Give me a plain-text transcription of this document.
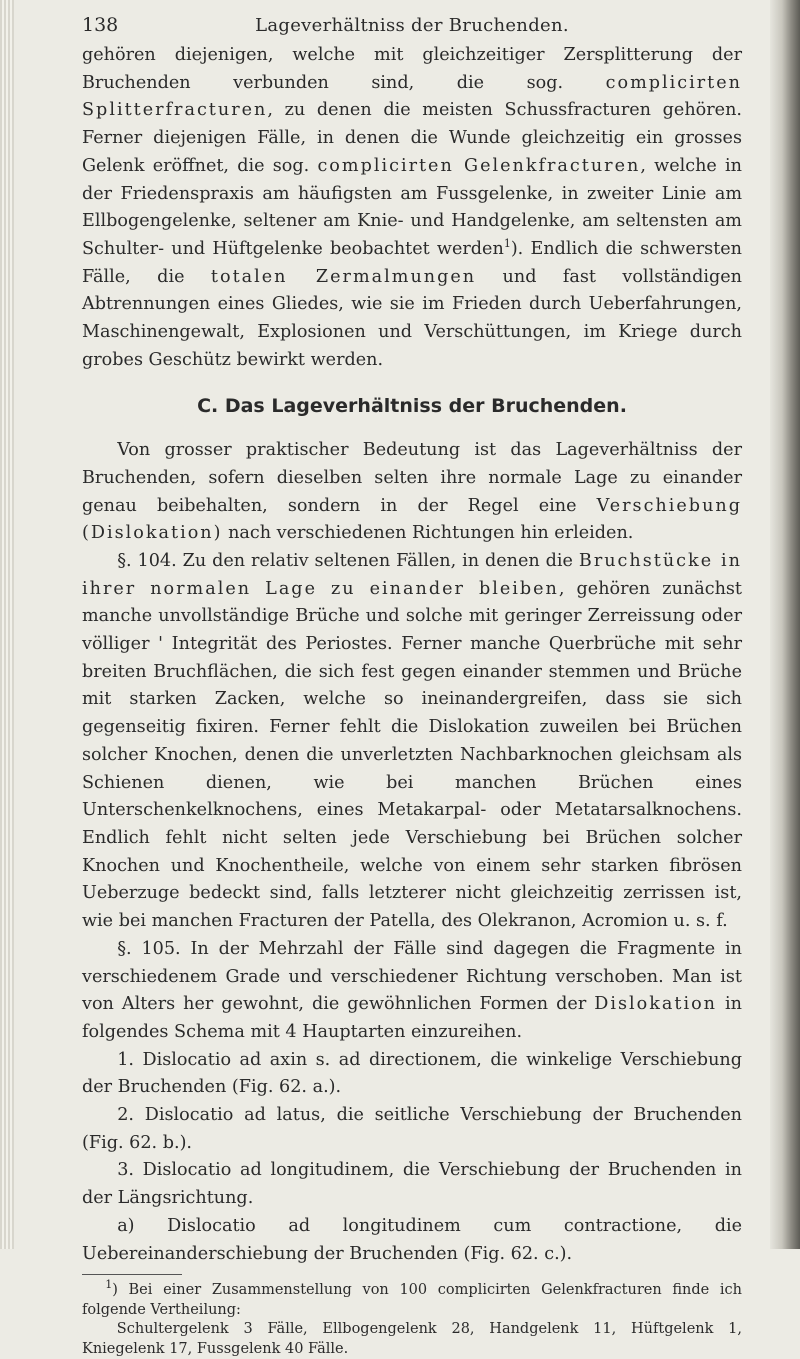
138	Lageverhältniss der Bruchenden.

gehören diejenigen, welche mit gleichzeitiger Zersplitterung der Bruchenden verbunden sind, die sog. complicirten Splitterfracturen, zu denen die meisten Schussfracturen gehören. Ferner diejenigen Fälle, in denen die Wunde gleichzeitig ein grosses Gelenk eröffnet, die sog. complicirten Gelenkfracturen, welche in der Friedenspraxis am häufigsten am Fussgelenke, in zweiter Linie am Ellbogengelenke, seltener am Knie- und Handgelenke, am seltensten am Schulter- und Hüftgelenke beobachtet werden$^1$). Endlich die schwersten Fälle, die totalen Zermalmungen und fast vollständigen Abtrennungen eines Gliedes, wie sie im Frieden durch Ueberfahrungen, Maschinengewalt, Explosionen und Verschüttungen, im Kriege durch grobes Geschütz bewirkt werden.

C. Das Lageverhältniss der Bruchenden.

Von grosser praktischer Bedeutung ist das Lageverhältniss der Bruchenden, sofern dieselben selten ihre normale Lage zu einander genau beibehalten, sondern in der Regel eine Verschiebung (Dislokation) nach verschiedenen Richtungen hin erleiden.

§. 104. Zu den relativ seltenen Fällen, in denen die Bruchstücke in ihrer normalen Lage zu einander bleiben, gehören zunächst manche unvollständige Brüche und solche mit geringer Zerreissung oder völliger ' Integrität des Periostes. Ferner manche Querbrüche mit sehr breiten Bruchflächen, die sich fest gegen einander stemmen und Brüche mit starken Zacken, welche so ineinandergreifen, dass sie sich gegenseitig fixiren. Ferner fehlt die Dislokation zuweilen bei Brüchen solcher Knochen, denen die unverletzten Nachbarknochen gleichsam als Schienen dienen, wie bei manchen Brüchen eines Unterschenkelknochens, eines Metakarpal- oder Metatarsalknochens. Endlich fehlt nicht selten jede Verschiebung bei Brüchen solcher Knochen und Knochentheile, welche von einem sehr starken fibrösen Ueberzuge bedeckt sind, falls letzterer nicht gleichzeitig zerrissen ist, wie bei manchen Fracturen der Patella, des Olekranon, Acromion u. s. f.

§. 105. In der Mehrzahl der Fälle sind dagegen die Fragmente in verschiedenem Grade und verschiedener Richtung verschoben. Man ist von Alters her gewohnt, die gewöhnlichen Formen der Dislokation in folgendes Schema mit 4 Hauptarten einzureihen.

1. Dislocatio ad axin s. ad directionem, die winkelige Verschiebung der Bruchenden (Fig. 62. a.).

2. Dislocatio ad latus, die seitliche Verschiebung der Bruchenden (Fig. 62. b.).

3. Dislocatio ad longitudinem, die Verschiebung der Bruchenden in der Längsrichtung.

a) Dislocatio ad longitudinem cum contractione, die Uebereinanderschiebung der Bruchenden (Fig. 62. c.).

$^1$) Bei einer Zusammenstellung von 100 complicirten Gelenkfracturen finde ich folgende Vertheilung:
Schultergelenk 3 Fälle, Ellbogengelenk 28, Handgelenk 11, Hüftgelenk 1, Kniegelenk 17, Fussgelenk 40 Fälle.
